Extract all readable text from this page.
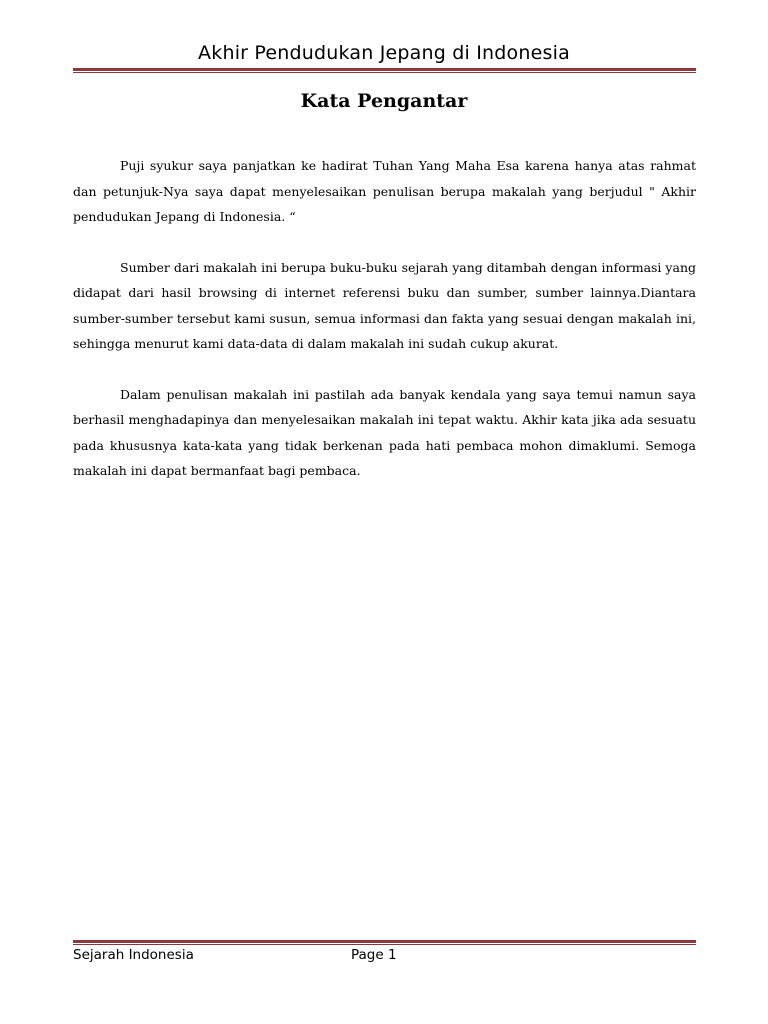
Akhir Pendudukan Jepang di Indonesia
Kata Pengantar

Puji syukur saya panjatkan ke hadirat Tuhan Yang Maha Esa karena hanya atas rahmat dan petunjuk-Nya saya dapat menyelesaikan penulisan berupa makalah yang berjudul " Akhir pendudukan Jepang di Indonesia. “

Sumber dari makalah ini berupa buku-buku sejarah yang ditambah dengan informasi yang didapat dari hasil browsing di internet referensi buku dan sumber, sumber lainnya.Diantara sumber-sumber tersebut kami susun, semua informasi dan fakta yang sesuai dengan makalah ini, sehingga menurut kami data-data di dalam makalah ini sudah cukup akurat.

Dalam penulisan makalah ini pastilah ada banyak kendala yang saya temui namun saya berhasil menghadapinya dan menyelesaikan makalah ini tepat waktu. Akhir kata jika ada sesuatu pada khususnya kata-kata yang tidak berkenan pada hati pembaca mohon dimaklumi. Semoga makalah ini dapat bermanfaat bagi pembaca.

Sejarah Indonesia	Page 1
